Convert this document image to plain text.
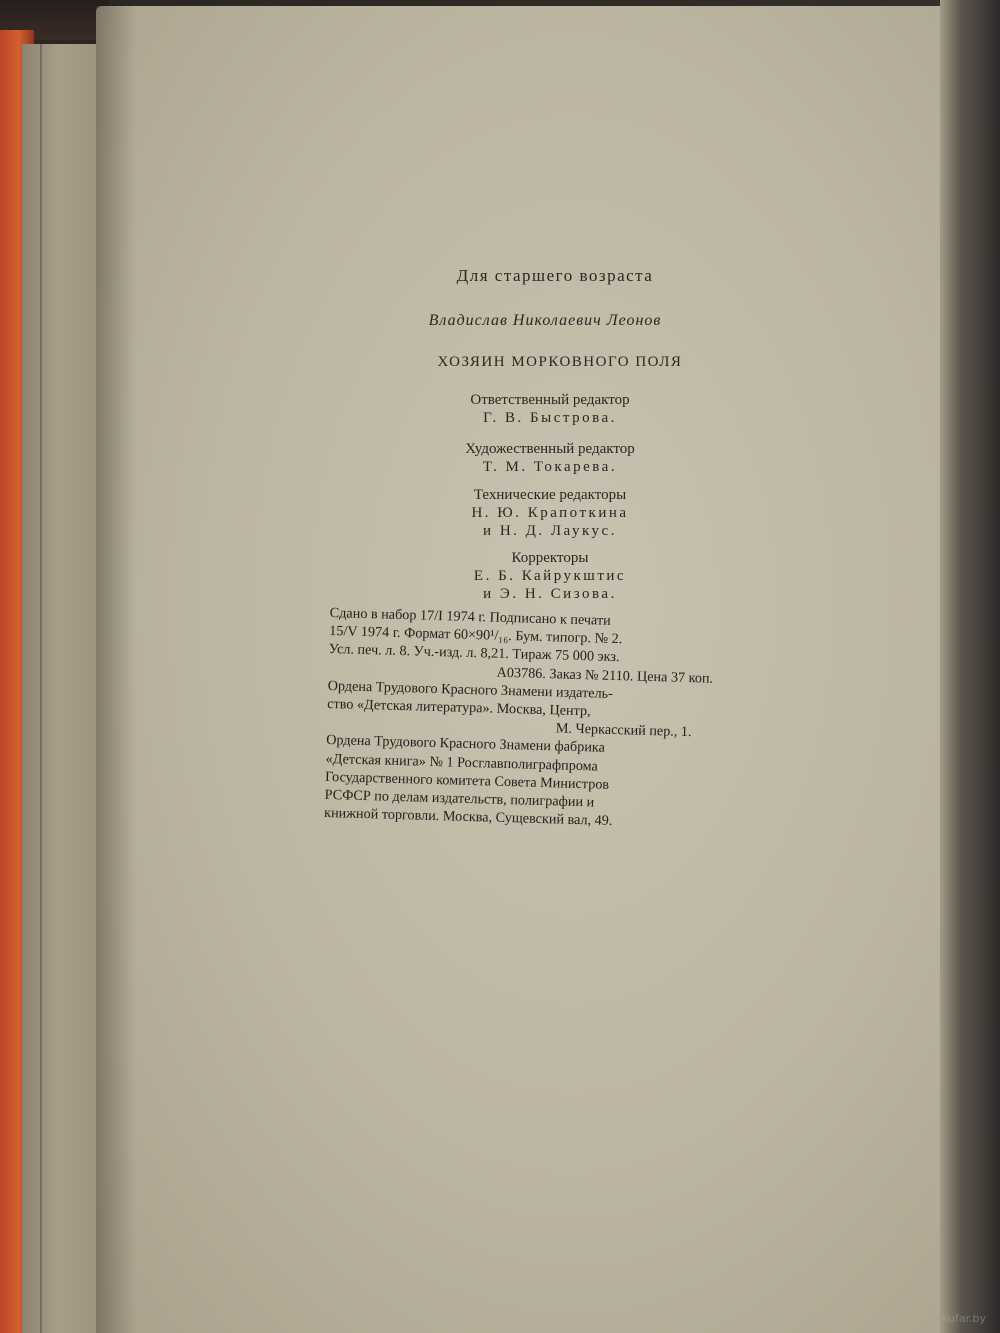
Для старшего возраста
Владислав Николаевич Леонов
ХОЗЯИН МОРКОВНОГО ПОЛЯ
Ответственный редактор
Г. В. Быстрова.
Художественный редактор
Т. М. Токарева.
Технические редакторы
Н. Ю. Крапоткина
и Н. Д. Лаукус.
Корректоры
Е. Б. Кайрукштис
и Э. Н. Сизова.
Сдано в набор 17/I 1974 г. Подписано к печати
15/V 1974 г. Формат 60×90¹/₁₆. Бум. типогр. № 2.
Усл. печ. л. 8. Уч.-изд. л. 8,21. Тираж 75 000 экз.
А03786. Заказ № 2110. Цена 37 коп.
Ордена Трудового Красного Знамени издатель-
ство «Детская литература». Москва, Центр,
М. Черкасский пер., 1.
Ордена Трудового Красного Знамени фабрика
«Детская книга» № 1 Росглавполиграфпрома
Государственного комитета Совета Министров
РСФСР по делам издательств, полиграфии и
книжной торговли. Москва, Сущевский вал, 49.
kufar.by
